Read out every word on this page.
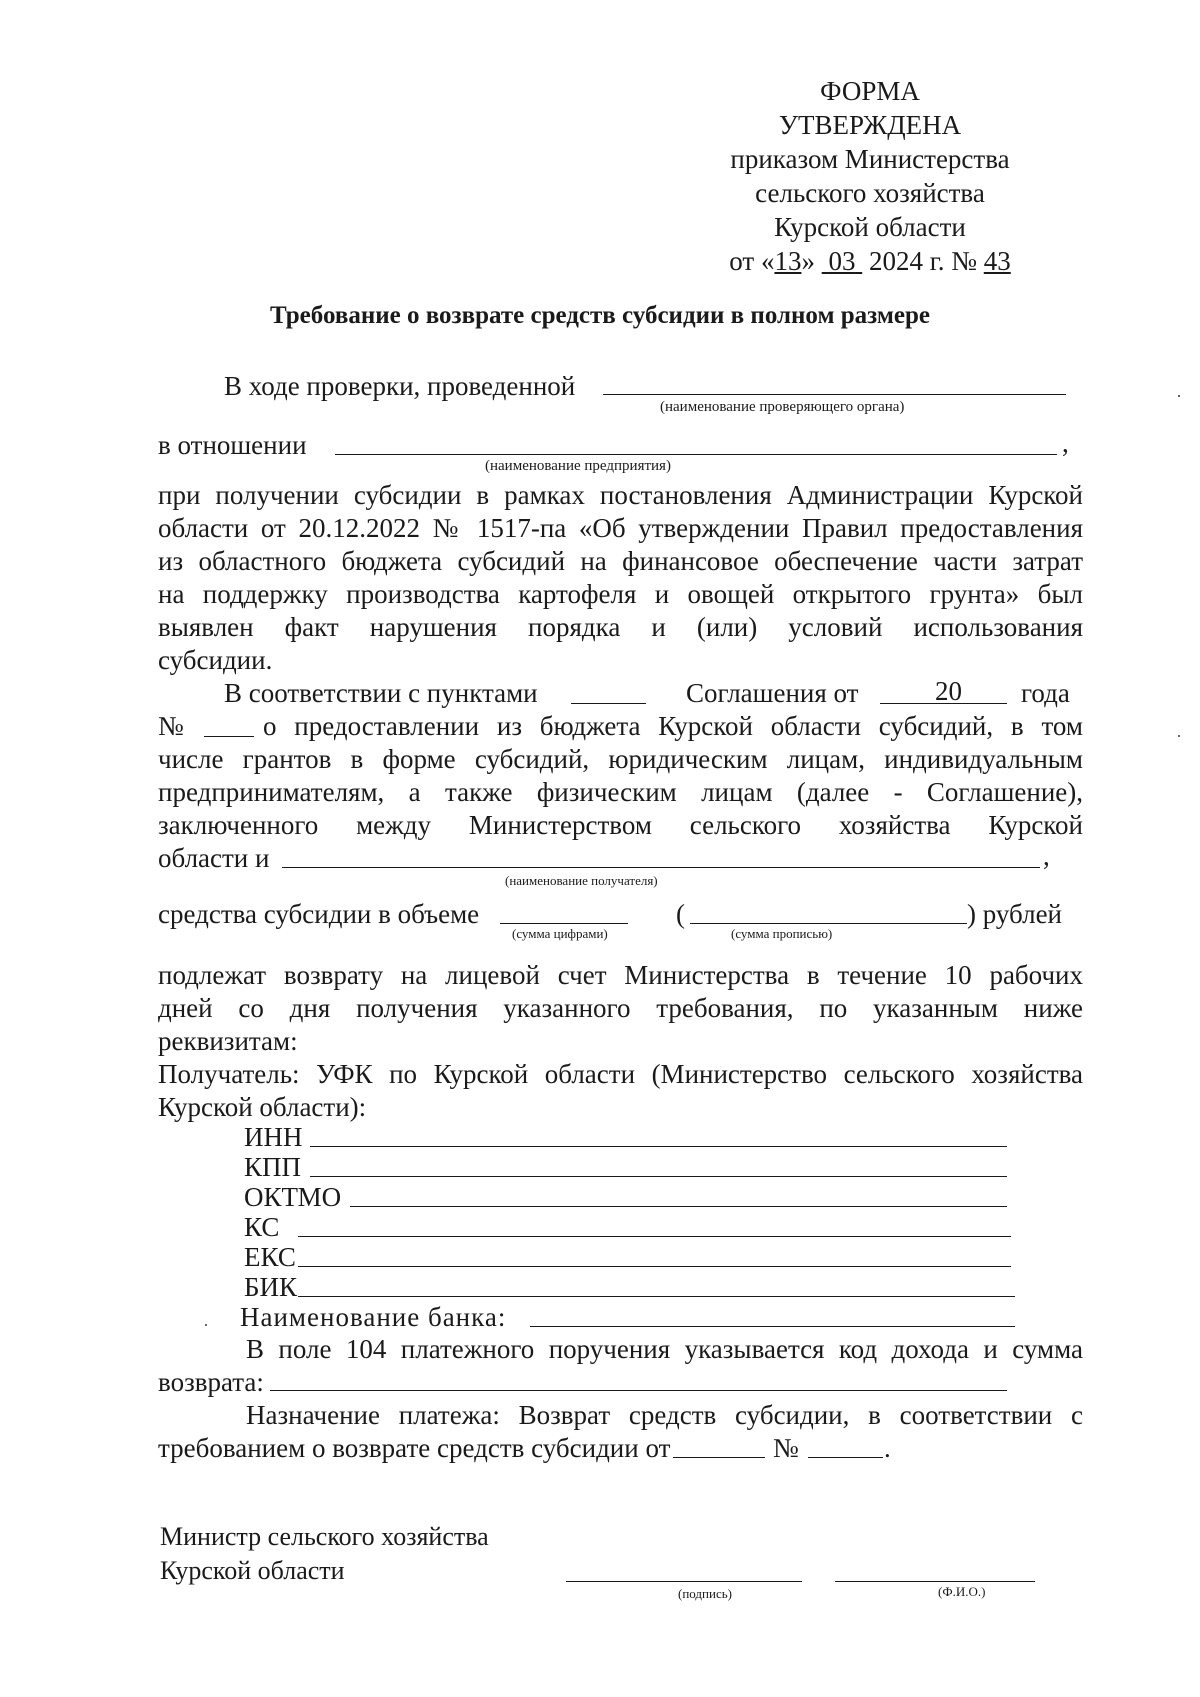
ФОРМА
УТВЕРЖДЕНА
приказом Министерства
сельского хозяйства
Курской области
от «13» 03 2024 г. № 43
Требование о возврате средств субсидии в полном размере
В ходе проверки, проведенной
(наименование проверяющего органа)
в отношении	,
(наименование предприятия)
при получении субсидии в рамках постановления Администрации Курской
области от 20.12.2022 № 1517-па «Об утверждении Правил предоставления
из областного бюджета субсидий на финансовое обеспечение части затрат
на поддержку производства картофеля и овощей открытого грунта» был
выявлен факт нарушения порядка и (или) условий использования
субсидии.
В соответствии с пунктами	Соглашения от	20 года
№	о предоставлении из бюджета Курской области субсидий, в том
числе грантов в форме субсидий, юридическим лицам, индивидуальным
предпринимателям, а также физическим лицам (далее - Соглашение),
заключенного между Министерством сельского хозяйства Курской
области и	,
(наименование получателя)
средства субсидии в объеме
(сумма цифрами)
(
(сумма прописью)
) рублей
подлежат возврату на лицевой счет Министерства в течение 10 рабочих
дней со дня получения указанного требования, по указанным ниже
реквизитам:
Получатель: УФК по Курской области (Министерство сельского хозяйства
Курской области):
ИНН
КПП
ОКТМО
КС
ЕКС
БИК
Наименование банка:
В поле 104 платежного поручения указывается код дохода и сумма
возврата:
Назначение платежа: Возврат средств субсидии, в соответствии с
требованием о возврате средств субсидии от	№	.
Министр сельского хозяйства
Курской области
(подпись)	(Ф.И.О.)
